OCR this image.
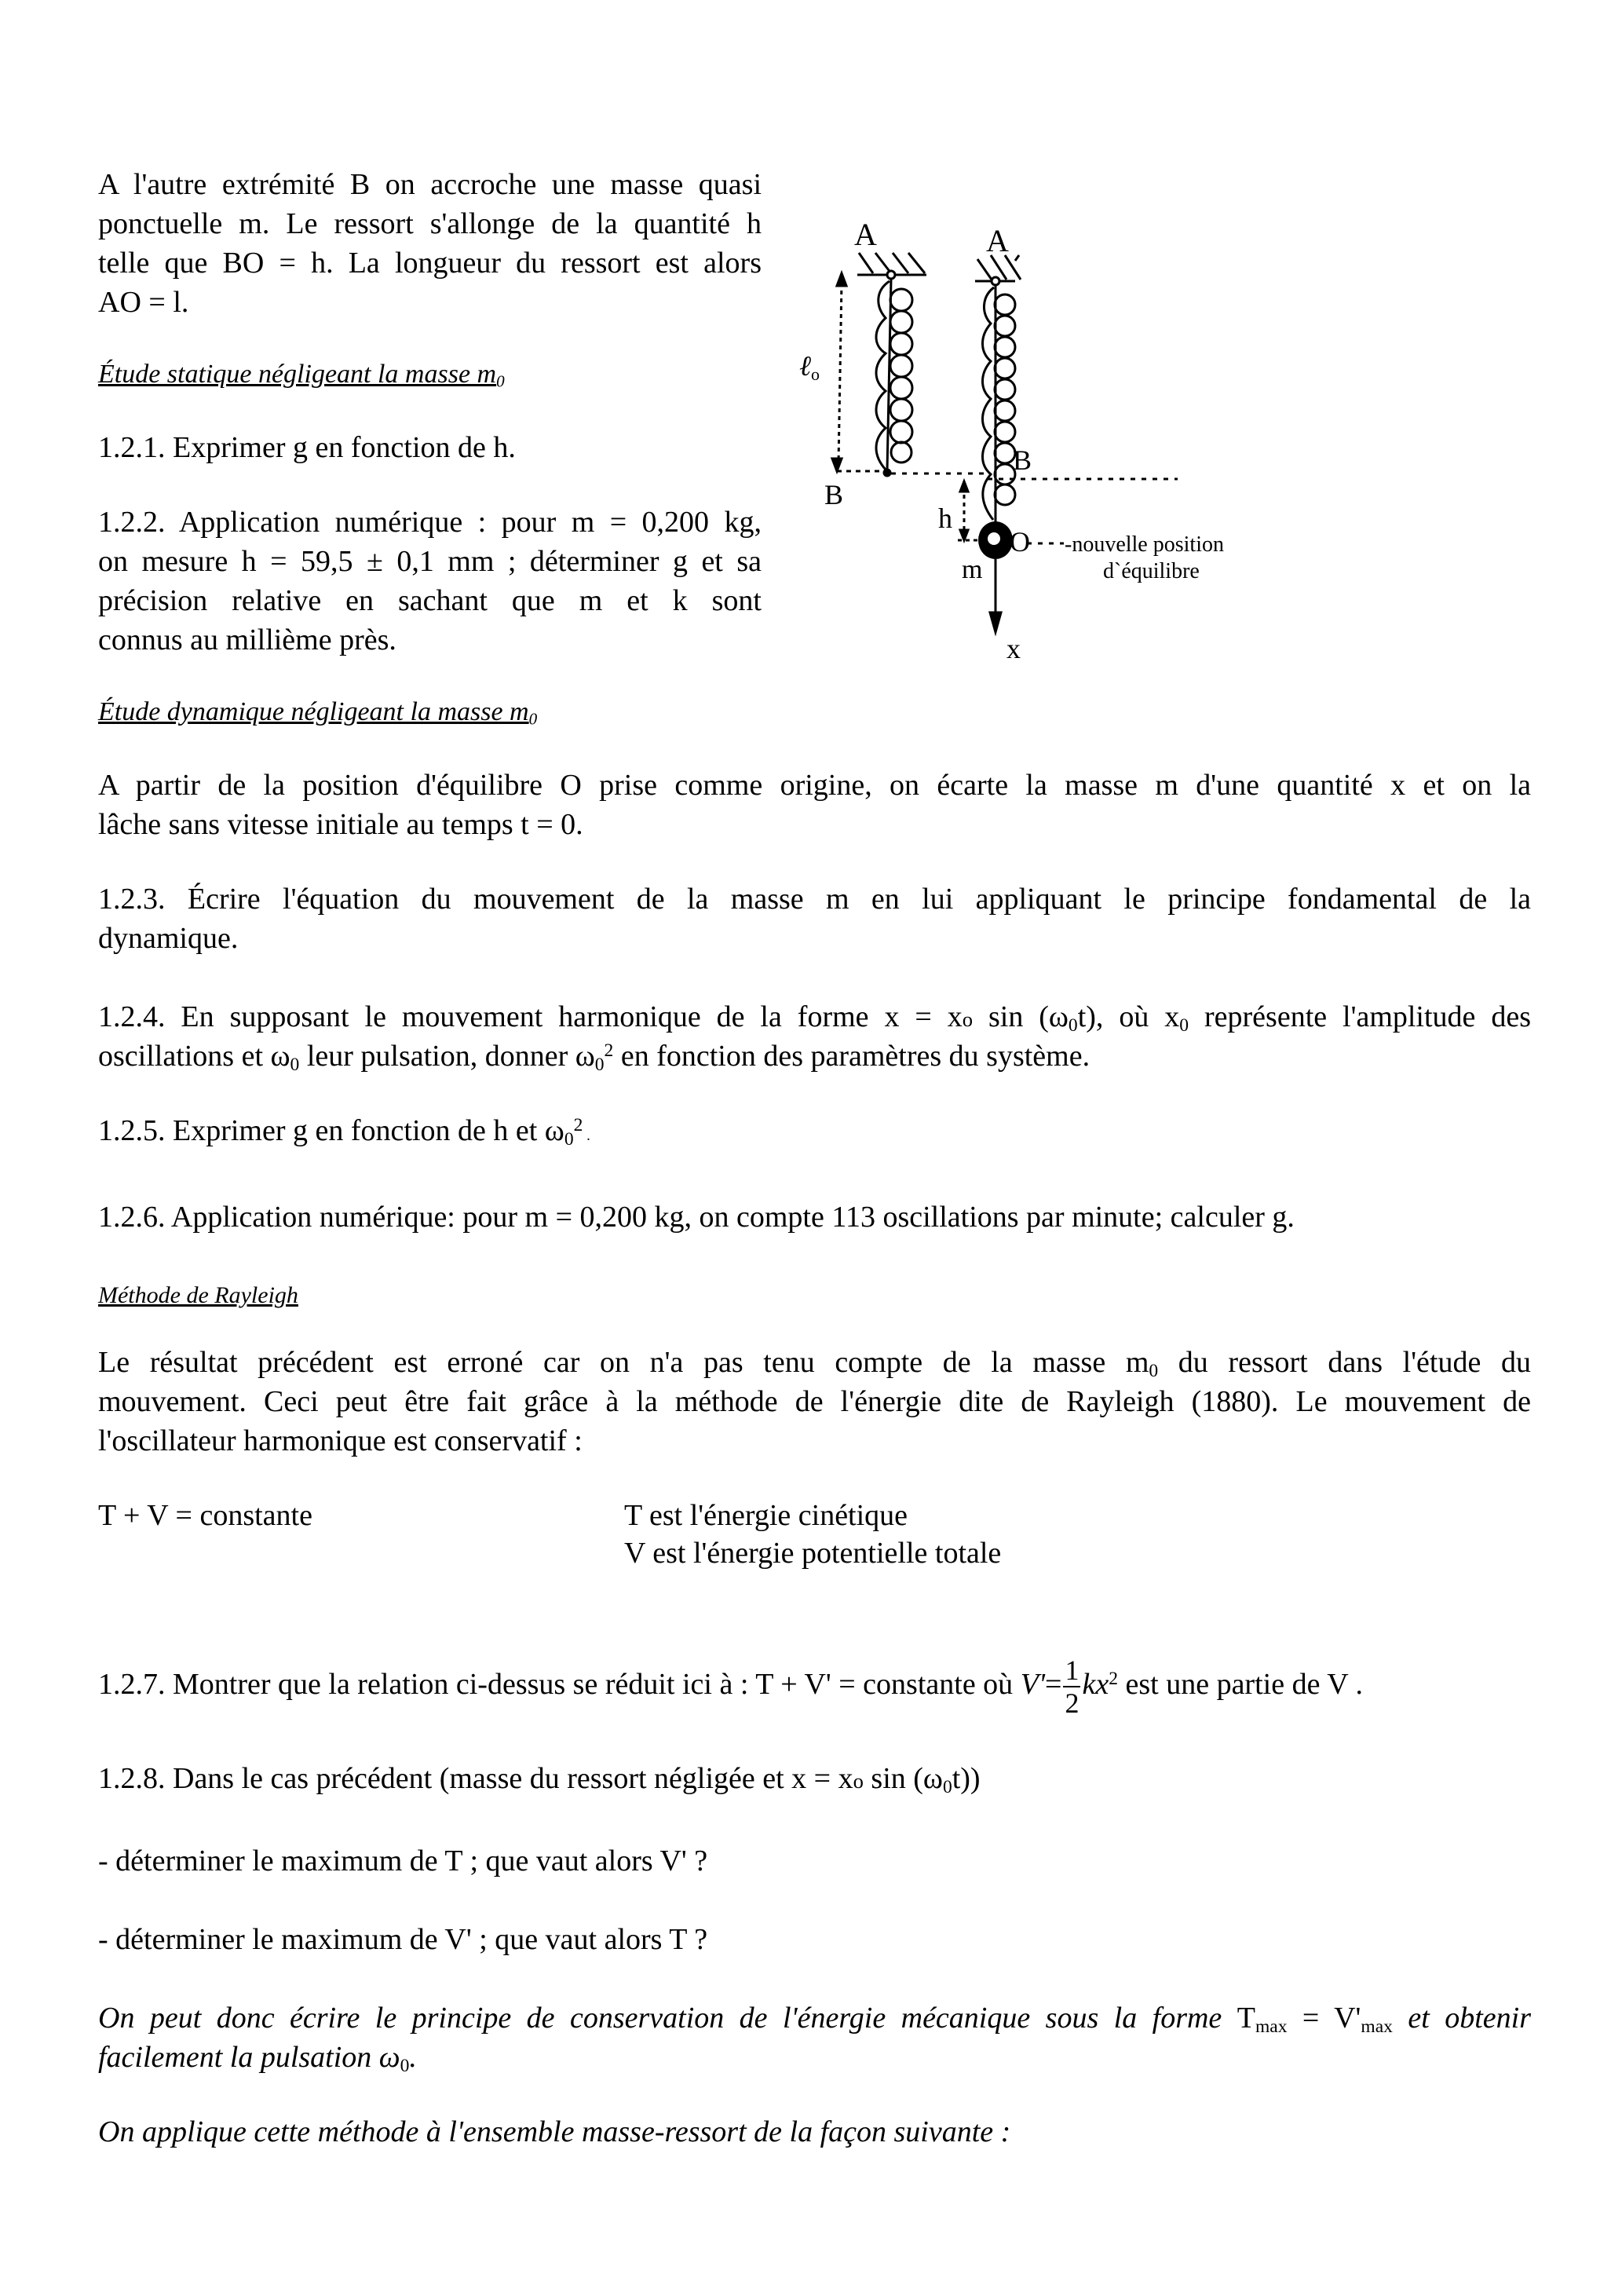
A l'autre extrémité B on accroche une masse quasi
ponctuelle m. Le ressort s'allonge de la quantité h
telle que BO = h. La longueur du ressort est alors
AO = l.
Étude statique négligeant la masse $m_0$
1.2.1. Exprimer g en fonction de h.
1.2.2. Application numérique : pour m = 0,200 kg,
on mesure h = 59,5 ± 0,1 mm ; déterminer g et sa
précision relative en sachant que m et k sont
connus au millième près.
ℓo
A
B
A
B
h
m
O
x
-nouvelle position
d`équilibre
Étude dynamique négligeant la masse $m_0$
A partir de la position d'équilibre O prise comme origine, on écarte la masse m d'une quantité x et on la
lâche sans vitesse initiale au temps t = 0.
1.2.3. Écrire l'équation du mouvement de la masse m en lui appliquant le principe fondamental de la
dynamique.
1.2.4. En supposant le mouvement harmonique de la forme x = xo $\sin (\omega_0t)$, où $x_0$ représente l'amplitude des
oscillations et $\omega_0$ leur pulsation, donner $\omega_0^2$ en fonction des paramètres du système.
1.2.5. Exprimer g en fonction de h et $\omega_0^2$ .
1.2.6. Application numérique: pour m = 0,200 kg, on compte 113 oscillations par minute; calculer g.
Méthode de Rayleigh
Le résultat précédent est erroné car on n'a pas tenu compte de la masse $m_0$ du ressort dans l'étude du
mouvement. Ceci peut être fait grâce à la méthode de l'énergie dite de Rayleigh (1880). Le mouvement de
l'oscillateur harmonique est conservatif :
T + V = constante	T est l'énergie cinétique
V est l'énergie potentielle totale
1.2.7. Montrer que la relation ci-dessus se réduit ici à : T + V' = constante où $V'= \frac{1}{2} kx^2$ est une partie de V .
1.2.8. Dans le cas précédent (masse du ressort négligée et x = xo $\sin (\omega_0t)$)
- déterminer le maximum de T ; que vaut alors V' ?
- déterminer le maximum de V' ; que vaut alors T ?
On peut donc écrire le principe de conservation de l'énergie mécanique sous la forme $T_{max} = V'_{max}$ et obtenir
facilement la pulsation $\omega_0$.
On applique cette méthode à l'ensemble masse-ressort de la façon suivante :
